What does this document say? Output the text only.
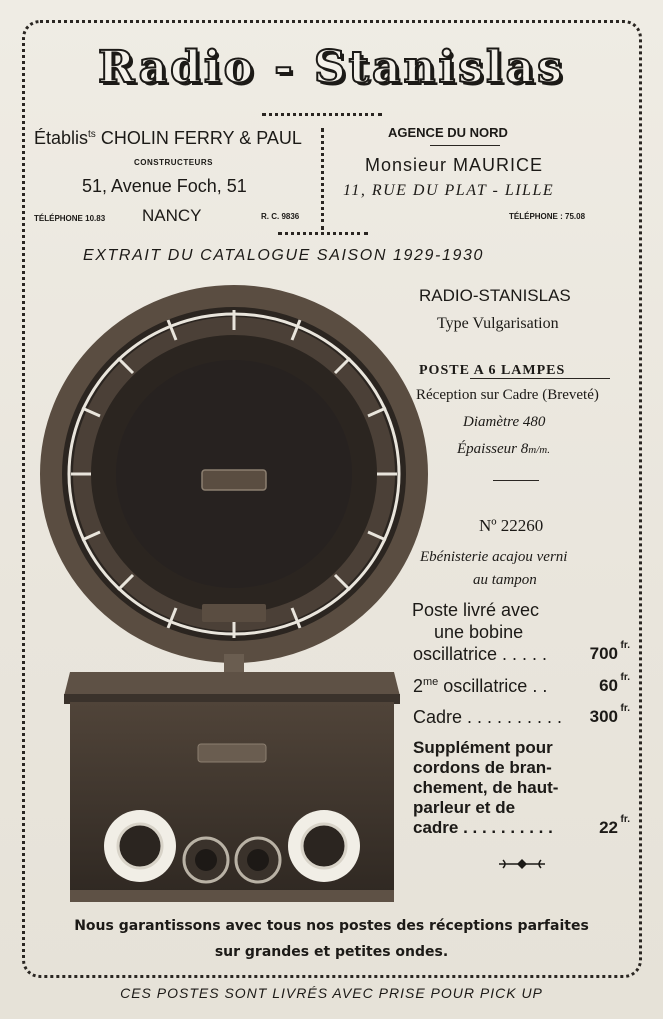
Radio - Stanislas
Établis$^{ts}$ CHOLIN FERRY & PAUL
CONSTRUCTEURS
51, Avenue Foch, 51
TÉLÉPHONE 10.83 NANCY	R. C. 9836
AGENCE DU NORD
Monsieur MAURICE
11, RUE DU PLAT - LILLE
TÉLÉPHONE : 75.08
EXTRAIT DU CATALOGUE SAISON 1929-1930
RADIO-STANISLAS
Type Vulgarisation
POSTE A 6 LAMPES
Réception sur Cadre (Breveté)
Diamètre 480
Épaisseur 8m/m.
Nº 22260
Ebénisterie acajou verni
au tampon
Poste livré avec
une bobine
oscillatrice . . . . .	700 fr.
$2^{me}$ oscillatrice . .	60 fr.
Cadre . . . . . . . . . . 300 fr.
Supplément pour
cordons de bran-
chement, de haut-
parleur et de
cadre . . . . . . . . . .	22 fr.
Nous garantissons avec tous nos postes des réceptions parfaites
sur grandes et petites ondes.
CES POSTES SONT LIVRÉS AVEC PRISE POUR PICK UP
